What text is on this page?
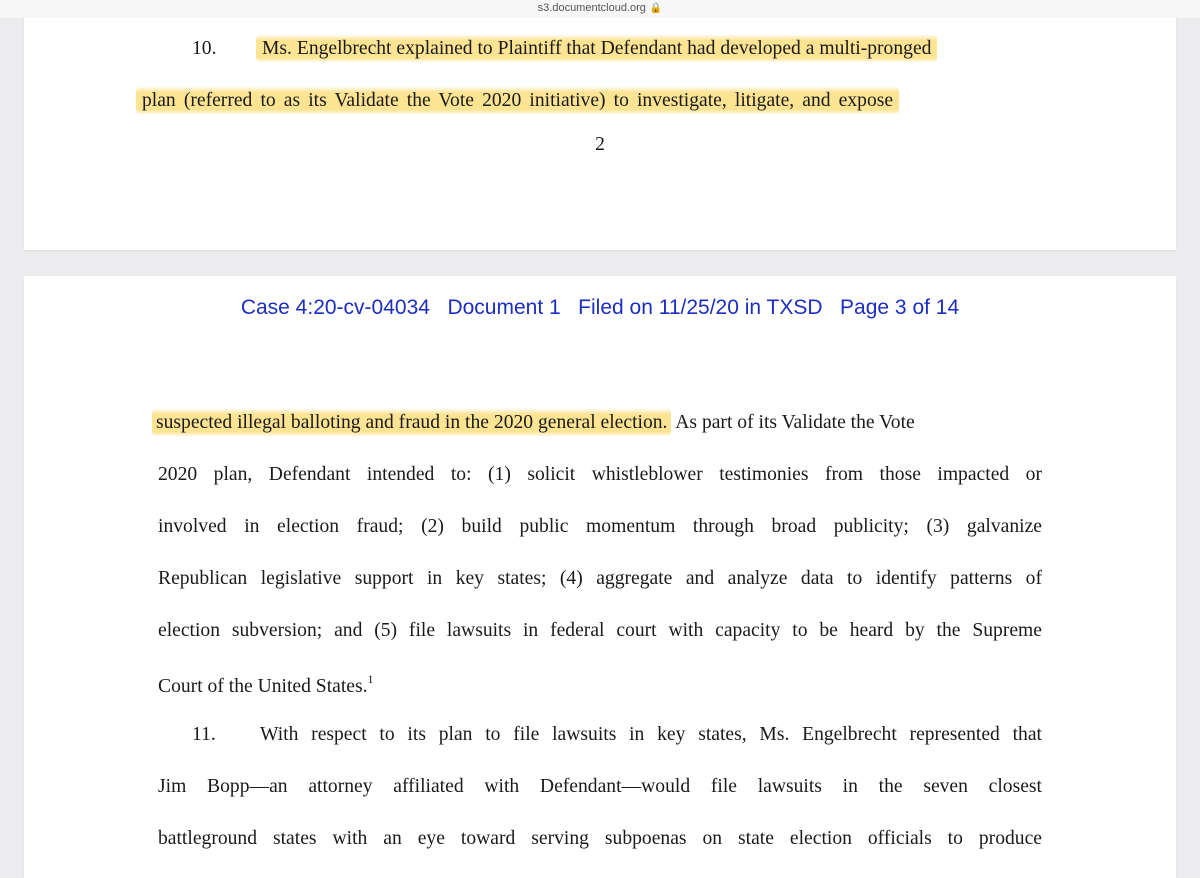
s3.documentcloud.org 🔒
10.	Ms. Engelbrecht explained to Plaintiff that Defendant had developed a multi-pronged
plan (referred to as its Validate the Vote 2020 initiative) to investigate, litigate, and expose
2
Case 4:20-cv-04034   Document 1   Filed on 11/25/20 in TXSD   Page 3 of 14
suspected illegal balloting and fraud in the 2020 general election. As part of its Validate the Vote
2020 plan, Defendant intended to: (1) solicit whistleblower testimonies from those impacted or
involved in election fraud; (2) build public momentum through broad publicity; (3) galvanize
Republican legislative support in key states; (4) aggregate and analyze data to identify patterns of
election subversion; and (5) file lawsuits in federal court with capacity to be heard by the Supreme
Court of the United States.$^1$
11. With respect to its plan to file lawsuits in key states, Ms. Engelbrecht represented that
Jim Bopp—an attorney affiliated with Defendant—would file lawsuits in the seven closest
battleground states with an eye toward serving subpoenas on state election officials to produce
